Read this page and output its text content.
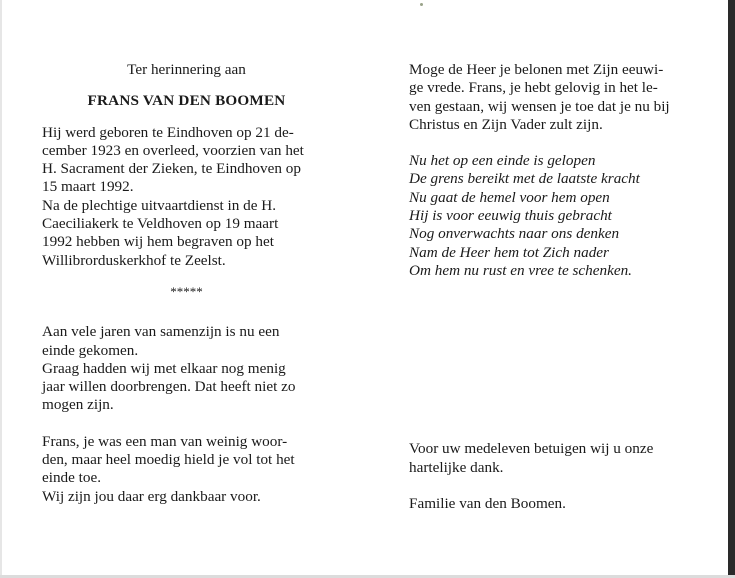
Ter herinnering aan

FRANS VAN DEN BOOMEN

Hij werd geboren te Eindhoven op 21 de-

cember 1923 en overleed, voorzien van het

H. Sacrament der Zieken, te Eindhoven op

15 maart 1992.

Na de plechtige uitvaartdienst in de H.

Caeciliakerk te Veldhoven op 19 maart

1992 hebben wij hem begraven op het

Willibrorduskerkhof te Zeelst.

*****

Aan vele jaren van samenzijn is nu een

einde gekomen.

Graag hadden wij met elkaar nog menig

jaar willen doorbrengen. Dat heeft niet zo

mogen zijn.

Frans, je was een man van weinig woor-

den, maar heel moedig hield je vol tot het

einde toe.

Wij zijn jou daar erg dankbaar voor.

Moge de Heer je belonen met Zijn eeuwi-

ge vrede. Frans, je hebt gelovig in het le-

ven gestaan, wij wensen je toe dat je nu bij

Christus en Zijn Vader zult zijn.

Nu het op een einde is gelopen

De grens bereikt met de laatste kracht

Nu gaat de hemel voor hem open

Hij is voor eeuwig thuis gebracht

Nog onverwachts naar ons denken

Nam de Heer hem tot Zich nader

Om hem nu rust en vree te schenken.

Voor uw medeleven betuigen wij u onze

hartelijke dank.

Familie van den Boomen.
